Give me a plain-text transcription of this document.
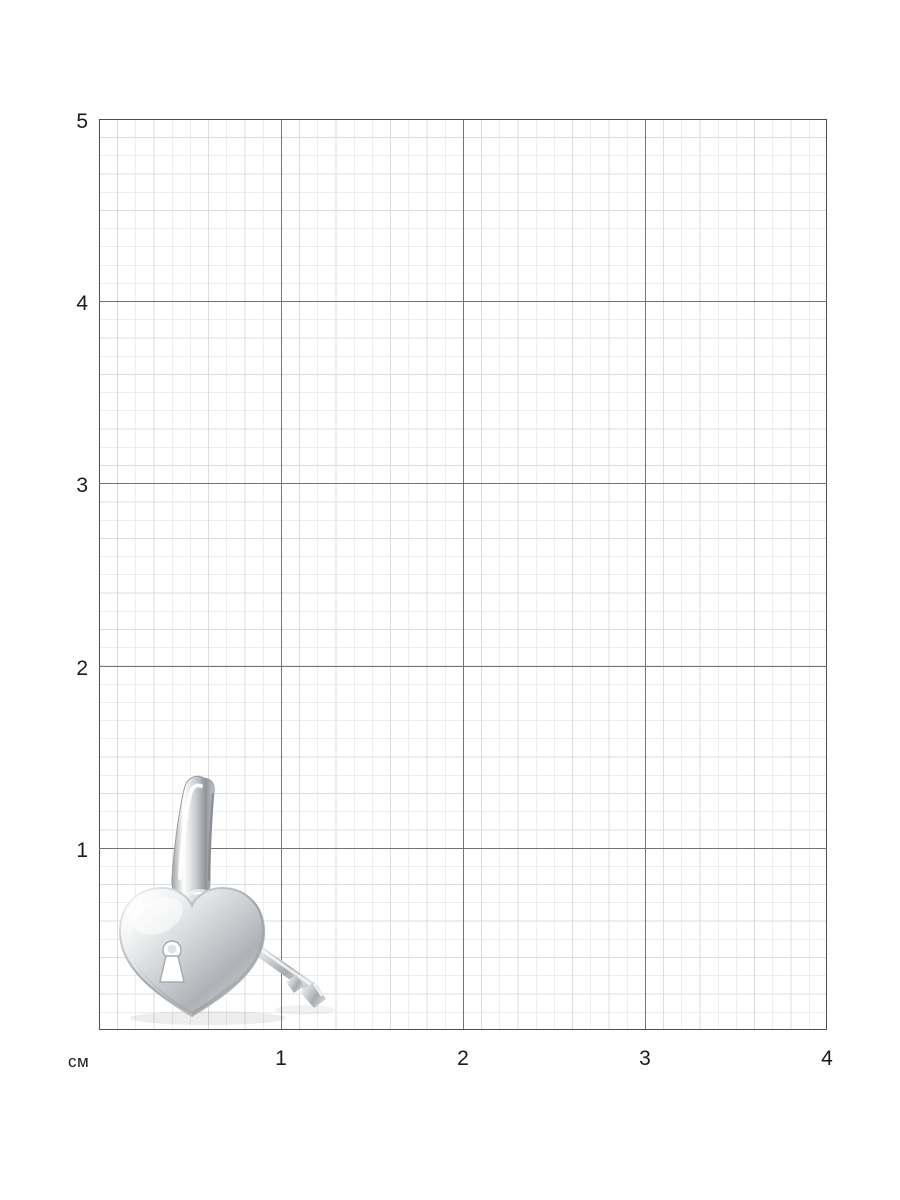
5
4
3
2
1
1	2	3	4
см
